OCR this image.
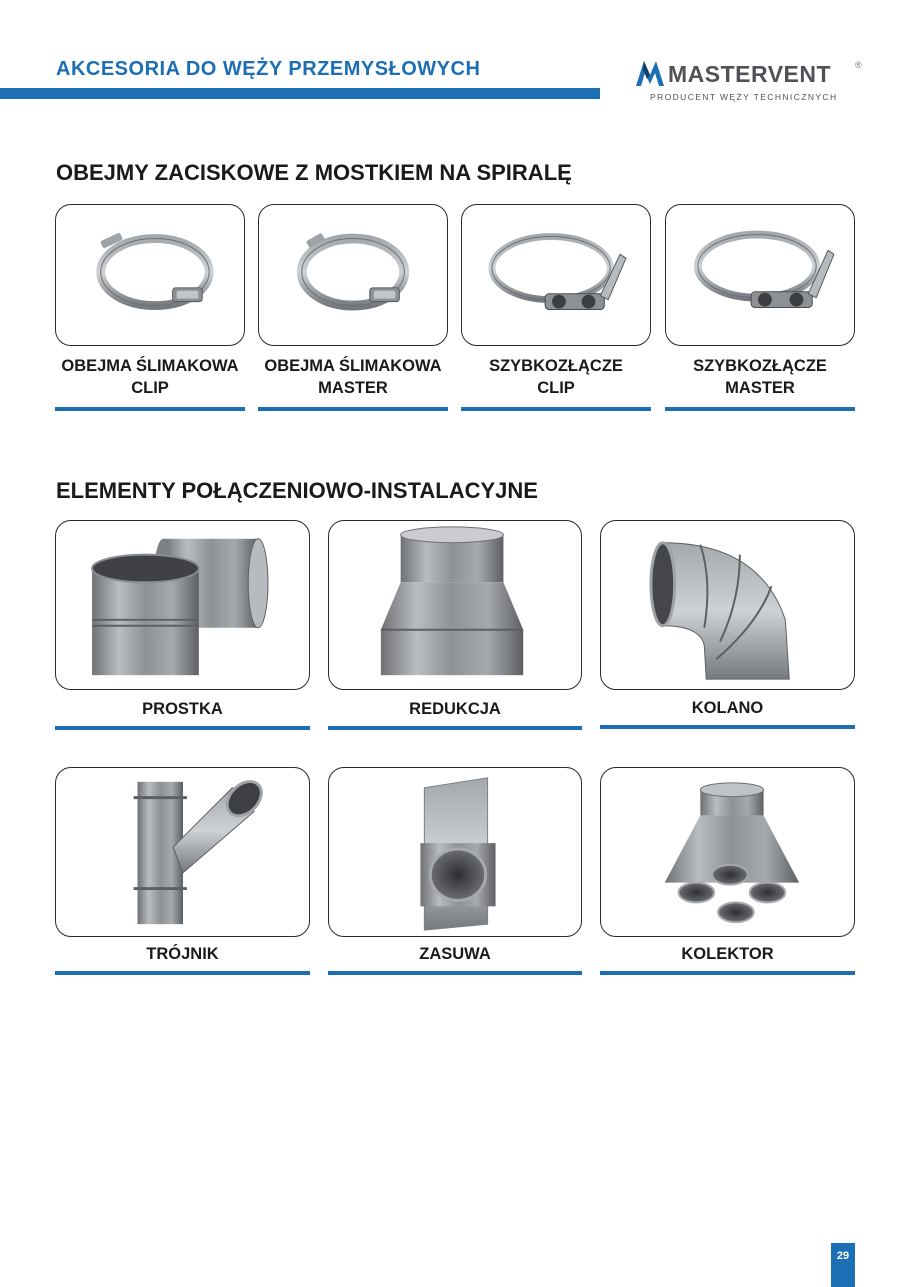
AKCESORIA DO WĘŻY PRZEMYSŁOWYCH	MASTERVENT	®
PRODUCENT WĘŻY TECHNICZNYCH
OBEJMY ZACISKOWE Z MOSTKIEM NA SPIRALĘ
OBEJMA ŚLIMAKOWA
CLIP
OBEJMA ŚLIMAKOWA
MASTER
SZYBKOZŁĄCZE
CLIP
SZYBKOZŁĄCZE
MASTER
ELEMENTY POŁĄCZENIOWO-INSTALACYJNE
PROSTKA	REDUKCJA	KOLANO
TRÓJNIK	ZASUWA	KOLEKTOR
29
